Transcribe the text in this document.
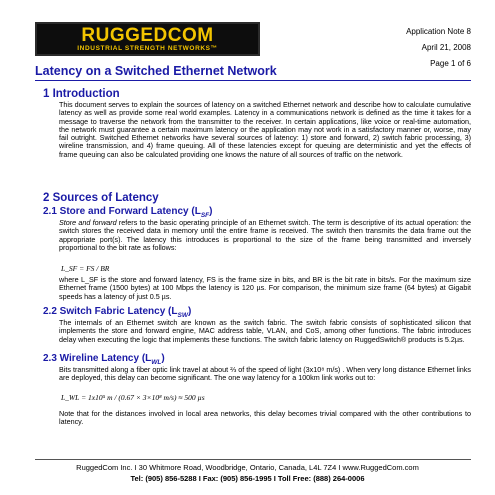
RUGGEDCOM
INDUSTRIAL STRENGTH NETWORKS™
Application Note 8
April 21, 2008
Page 1 of 6
Latency on a Switched Ethernet Network
1 Introduction
This document serves to explain the sources of latency on a switched Ethernet network and describe how to calculate cumulative latency as well as provide some real world examples. Latency in a communications network is defined as the time it takes for a message to traverse the network from the transmitter to the receiver. In certain applications, like voice or real-time automation, the network must guarantee a certain maximum latency or the application may not work in a satisfactory manner or, worse, may fail outright. Switched Ethernet networks have several sources of latency: 1) store and forward, 2) switch fabric processing, 3) wireline transmission, and 4) frame queuing. All of these latencies except for queuing are deterministic and yet the effects of frame queuing can also be calculated providing one knows the nature of all sources of traffic on the network.
2 Sources of Latency
2.1 Store and Forward Latency $(L_{SF})$
Store and forward refers to the basic operating principle of an Ethernet switch. The term is descriptive of its actual operation: the switch stores the received data in memory until the entire frame is received. The switch then transmits the data frame out the appropriate port(s). The latency this introduces is proportional to the size of the frame being transmitted and inversely proportional to the bit rate as follows:
L_SF = FS / BR
where L_SF is the store and forward latency, FS is the frame size in bits, and BR is the bit rate in bits/s. For the maximum size Ethernet frame (1500 bytes) at 100 Mbps the latency is 120 µs. For comparison, the minimum size frame (64 bytes) at Gigabit speeds has a latency of just 0.5 µs.
2.2 Switch Fabric Latency $(L_{SW})$
The internals of an Ethernet switch are known as the switch fabric. The switch fabric consists of sophisticated silicon that implements the store and forward engine, MAC address table, VLAN, and CoS, among other functions. The fabric introduces delay when executing the logic that implements these functions. The switch fabric latency on RuggedSwitch® products is 5.2µs.
2.3 Wireline Latency $(L_{WL})$
Bits transmitted along a fiber optic link travel at about ⅔ of the speed of light (3x10⁸ m/s) . When very long distance Ethernet links are deployed, this delay can become significant. The one way latency for a 100km link works out to:
L_WL = 1x10⁵ m / (0.67 × 3×10⁸ m/s) ≈ 500 µs
Note that for the distances involved in local area networks, this delay becomes trivial compared with the other contributions to latency.
RuggedCom Inc. I 30 Whitmore Road, Woodbridge, Ontario, Canada, L4L 7Z4 I www.RuggedCom.com
Tel: (905) 856-5288 I Fax: (905) 856-1995 I Toll Free: (888) 264-0006
